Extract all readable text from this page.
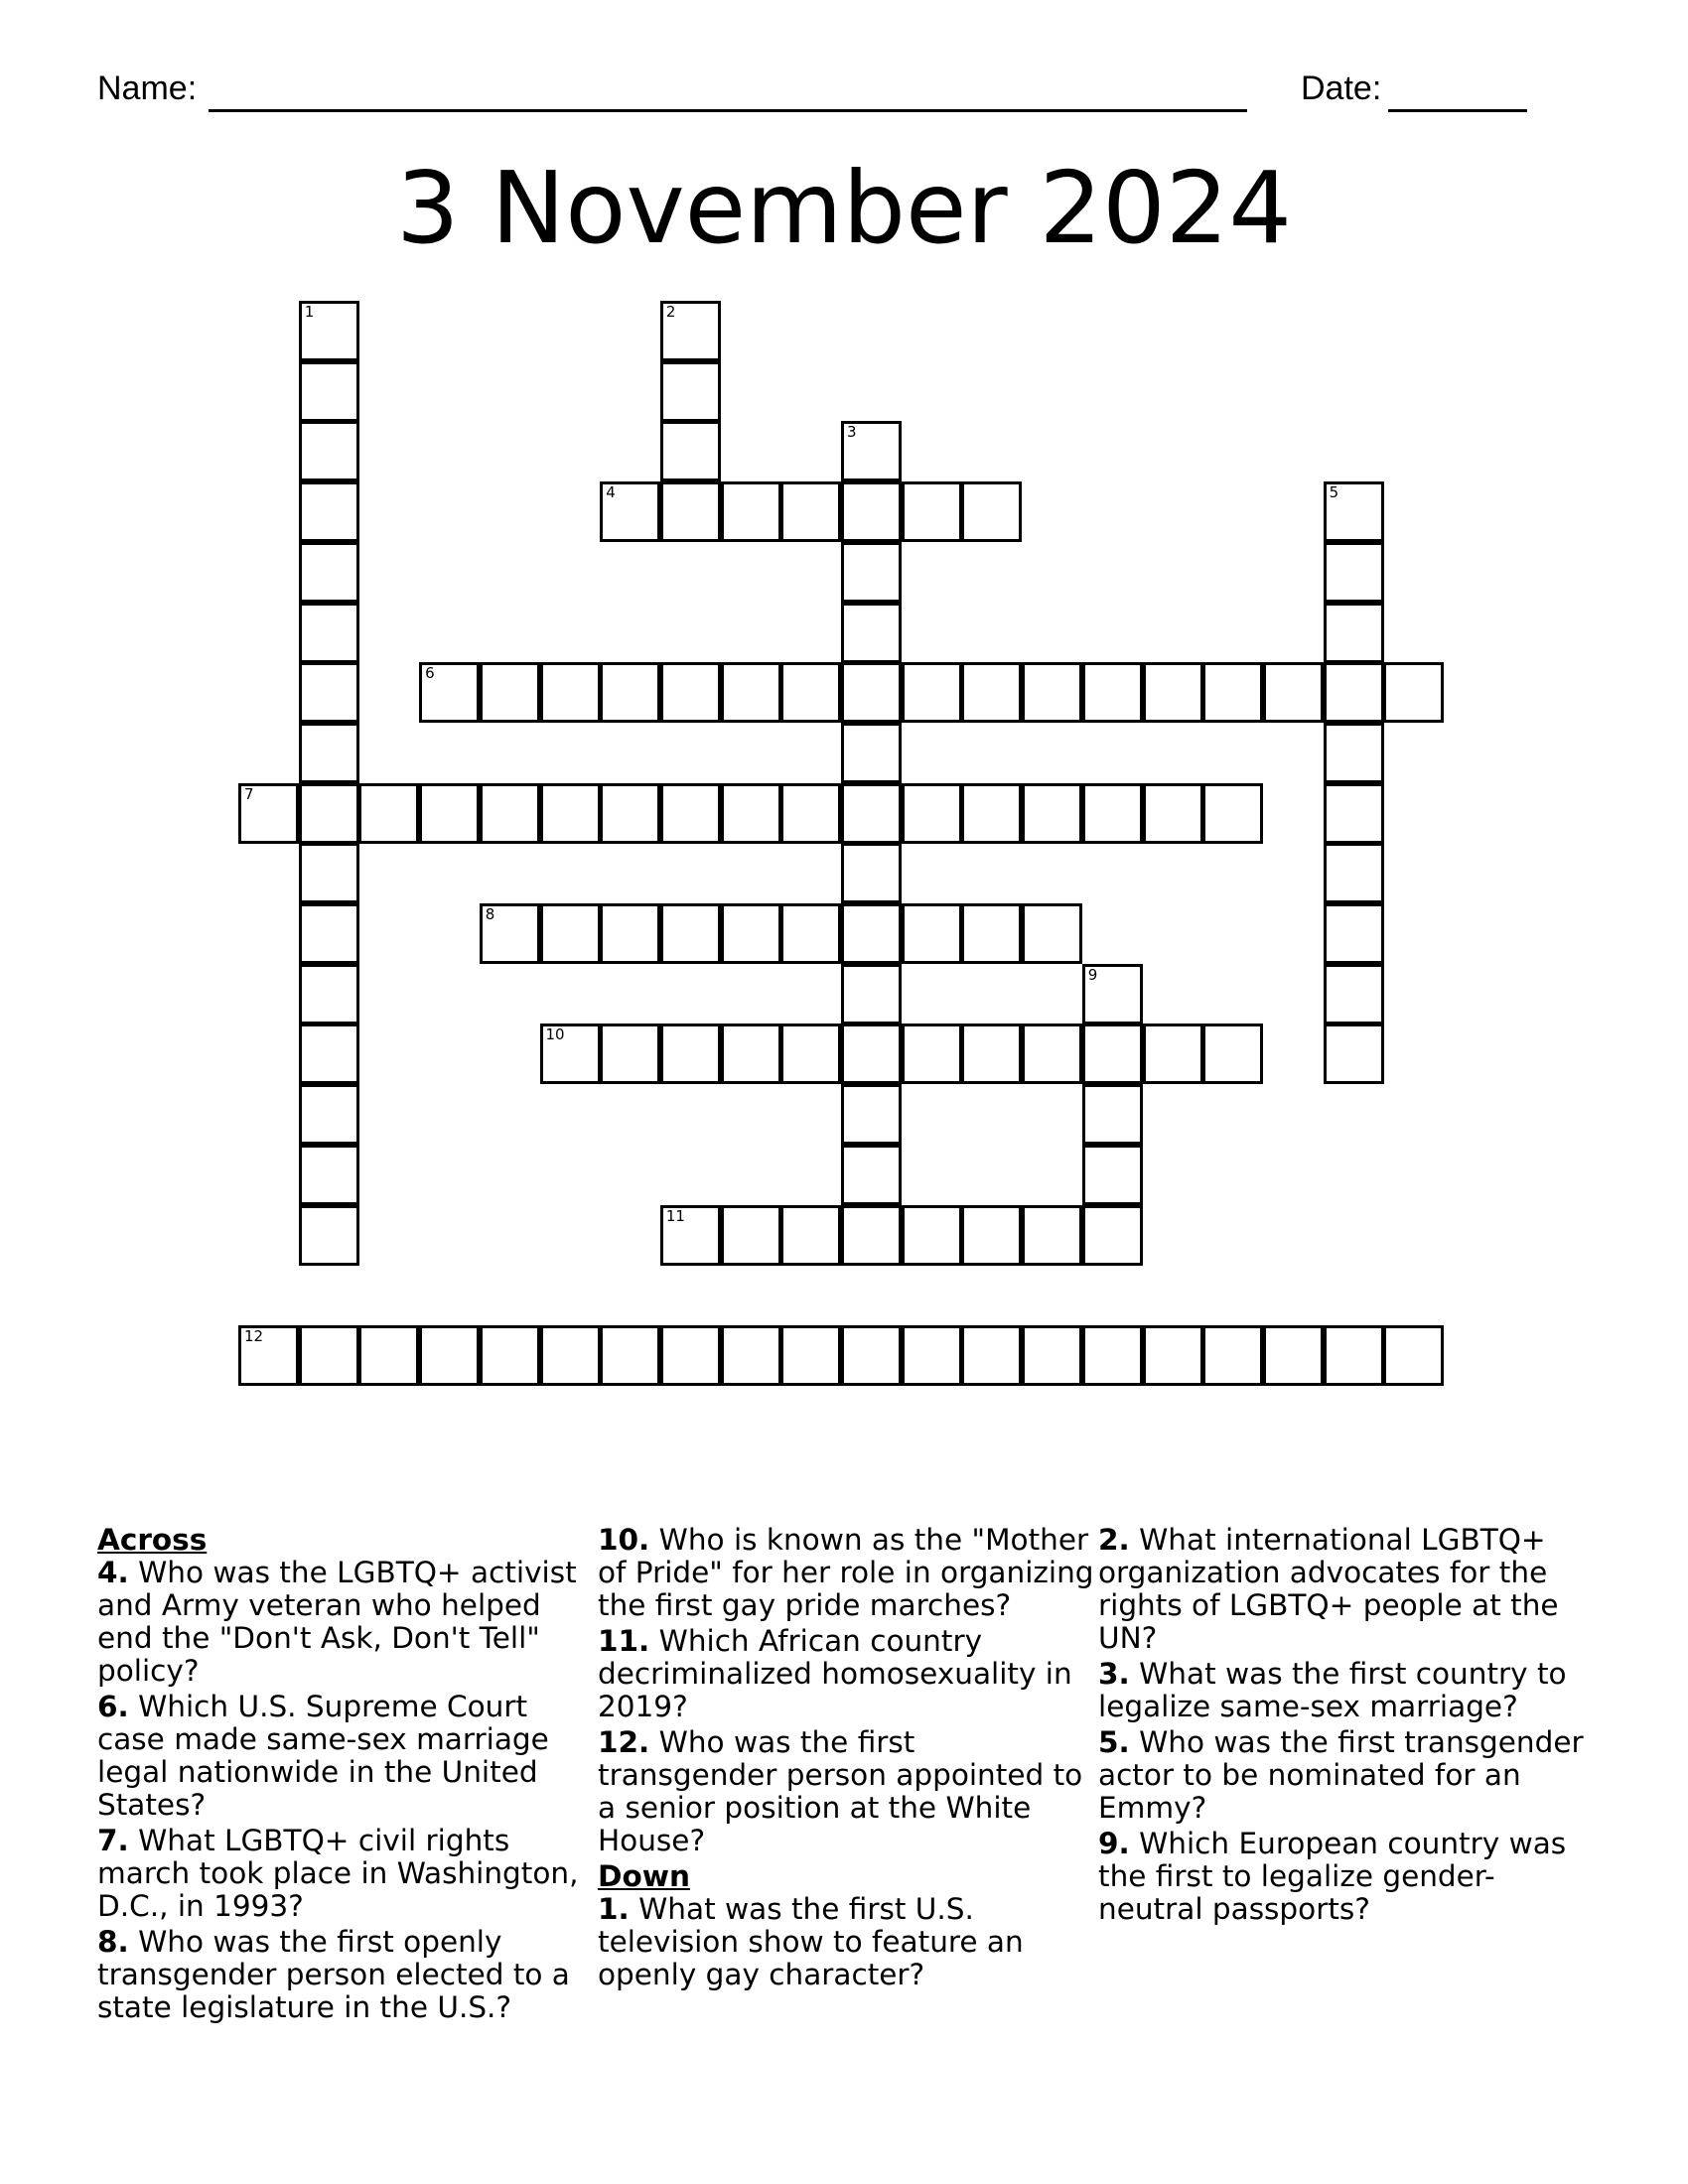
Name:	Date:
3 November 2024
1	2
3
4	5
6
7
8
9
10
11
12
Across
4. Who was the LGBTQ+ activist and Army veteran who helped end the "Don't Ask, Don't Tell" policy?
6. Which U.S. Supreme Court case made same-sex marriage legal nationwide in the United States?
7. What LGBTQ+ civil rights march took place in Washington, D.C., in 1993?
8. Who was the first openly transgender person elected to a state legislature in the U.S.?
10. Who is known as the "Mother of Pride" for her role in organizing the first gay pride marches?
11. Which African country decriminalized homosexuality in 2019?
12. Who was the first transgender person appointed to a senior position at the White House?
Down
1. What was the first U.S. television show to feature an openly gay character?
2. What international LGBTQ+ organization advocates for the rights of LGBTQ+ people at the UN?
3. What was the first country to legalize same-sex marriage?
5. Who was the first transgender actor to be nominated for an Emmy?
9. Which European country was the first to legalize gender-neutral passports?
